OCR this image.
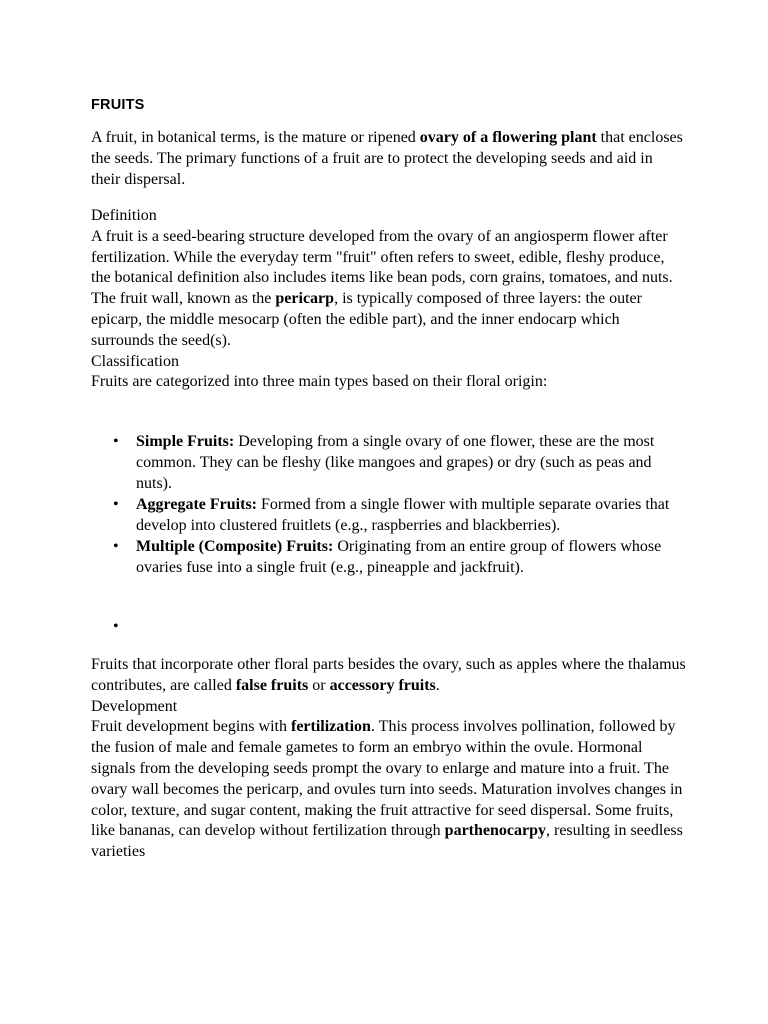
FRUITS

A fruit, in botanical terms, is the mature or ripened ovary of a flowering plant that encloses the seeds. The primary functions of a fruit are to protect the developing seeds and aid in their dispersal.

Definition

A fruit is a seed-bearing structure developed from the ovary of an angiosperm flower after fertilization. While the everyday term "fruit" often refers to sweet, edible, fleshy produce, the botanical definition also includes items like bean pods, corn grains, tomatoes, and nuts.

The fruit wall, known as the pericarp, is typically composed of three layers: the outer epicarp, the middle mesocarp (often the edible part), and the inner endocarp which surrounds the seed(s).

Classification

Fruits are categorized into three main types based on their floral origin:

• Simple Fruits: Developing from a single ovary of one flower, these are the most common. They can be fleshy (like mangoes and grapes) or dry (such as peas and nuts).
• Aggregate Fruits: Formed from a single flower with multiple separate ovaries that develop into clustered fruitlets (e.g., raspberries and blackberries).
• Multiple (Composite) Fruits: Originating from an entire group of flowers whose ovaries fuse into a single fruit (e.g., pineapple and jackfruit).
•

Fruits that incorporate other floral parts besides the ovary, such as apples where the thalamus contributes, are called false fruits or accessory fruits.

Development

Fruit development begins with fertilization. This process involves pollination, followed by the fusion of male and female gametes to form an embryo within the ovule. Hormonal signals from the developing seeds prompt the ovary to enlarge and mature into a fruit. The ovary wall becomes the pericarp, and ovules turn into seeds. Maturation involves changes in color, texture, and sugar content, making the fruit attractive for seed dispersal. Some fruits, like bananas, can develop without fertilization through parthenocarpy, resulting in seedless varieties
